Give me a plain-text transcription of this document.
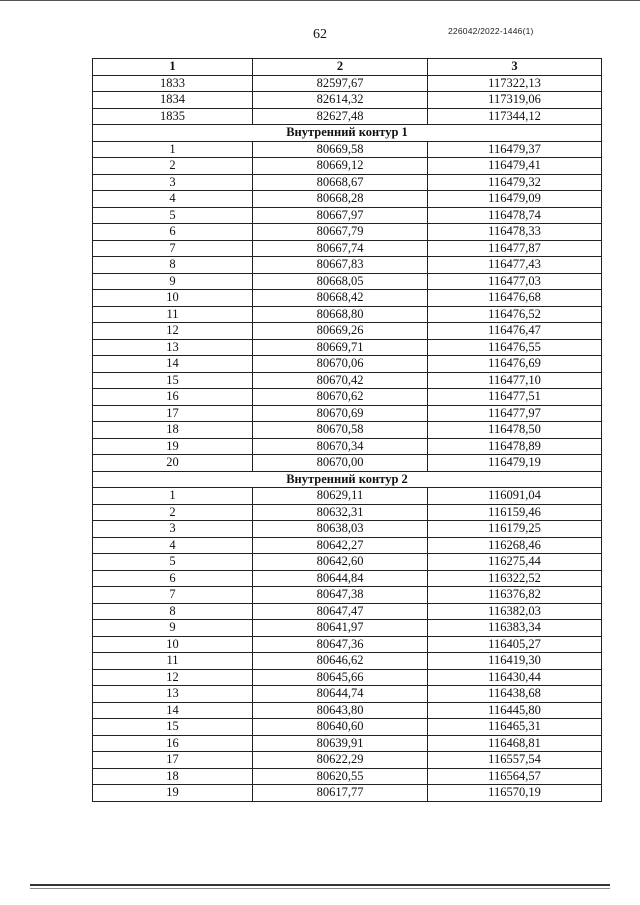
62	226042/2022-1446(1)
1	2	3
1833	82597,67	117322,13
1834	82614,32	117319,06
1835	82627,48	117344,12
Внутренний контур 1		
1	80669,58	116479,37
2	80669,12	116479,41
3	80668,67	116479,32
4	80668,28	116479,09
5	80667,97	116478,74
6	80667,79	116478,33
7	80667,74	116477,87
8	80667,83	116477,43
9	80668,05	116477,03
10	80668,42	116476,68
11	80668,80	116476,52
12	80669,26	116476,47
13	80669,71	116476,55
14	80670,06	116476,69
15	80670,42	116477,10
16	80670,62	116477,51
17	80670,69	116477,97
18	80670,58	116478,50
19	80670,34	116478,89
20	80670,00	116479,19
Внутренний контур 2		
1	80629,11	116091,04
2	80632,31	116159,46
3	80638,03	116179,25
4	80642,27	116268,46
5	80642,60	116275,44
6	80644,84	116322,52
7	80647,38	116376,82
8	80647,47	116382,03
9	80641,97	116383,34
10	80647,36	116405,27
11	80646,62	116419,30
12	80645,66	116430,44
13	80644,74	116438,68
14	80643,80	116445,80
15	80640,60	116465,31
16	80639,91	116468,81
17	80622,29	116557,54
18	80620,55	116564,57
19	80617,77	116570,19
